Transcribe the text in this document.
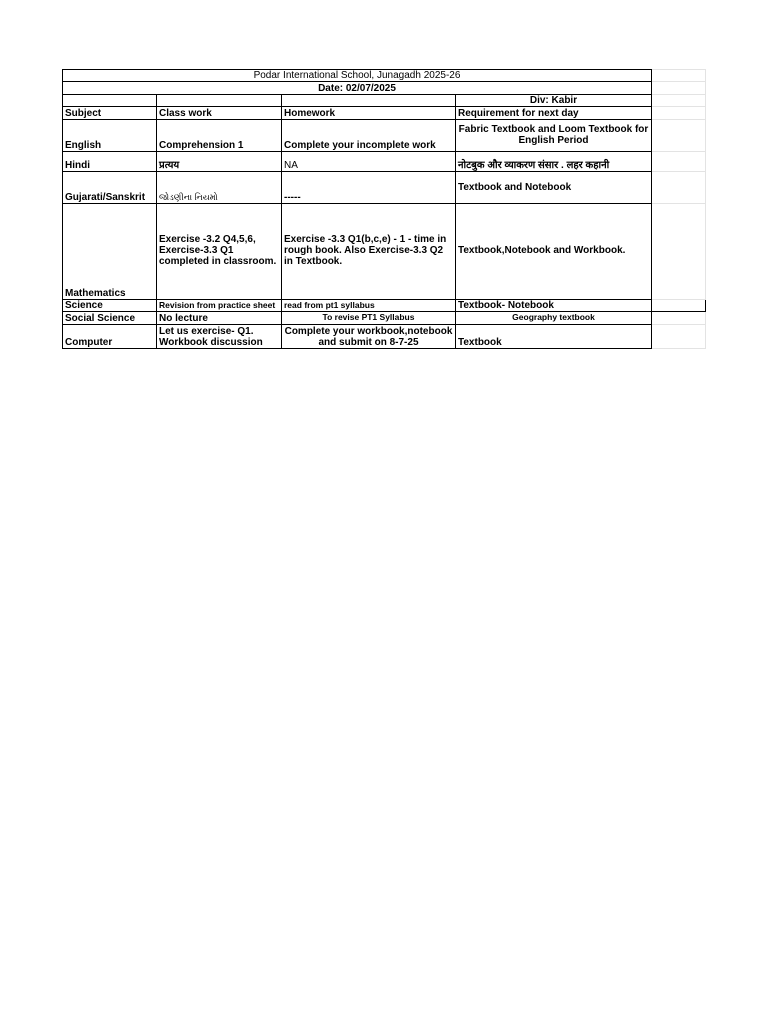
Podar International School, Junagadh 2025-26				
Date: 02/07/2025				
			Div: Kabir	
Subject	Class work	Homework	Requirement for next day	
English	Comprehension 1	Complete your incomplete work	Fabric Textbook and Loom Textbook for English Period	
Hindi	प्रत्यय	NA	नोटबुक और व्याकरण संसार . लहर कहानी	
Gujarati/Sanskrit	જોડણીના નિયમો	-----	Textbook and Notebook	
Mathematics	Exercise -3.2 Q4,5,6, Exercise-3.3 Q1 completed in classroom.	Exercise -3.3 Q1(b,c,e) - 1 - time in rough book. Also Exercise-3.3 Q2 in Textbook.	Textbook,Notebook and Workbook.	
Science	Revision from practice sheet	read from pt1 syllabus	Textbook- Notebook	
Social Science	No lecture	To revise PT1 Syllabus	Geography textbook	
Computer	Let us exercise- Q1. Workbook discussion	Complete your workbook,notebook and submit on 8-7-25	Textbook	
